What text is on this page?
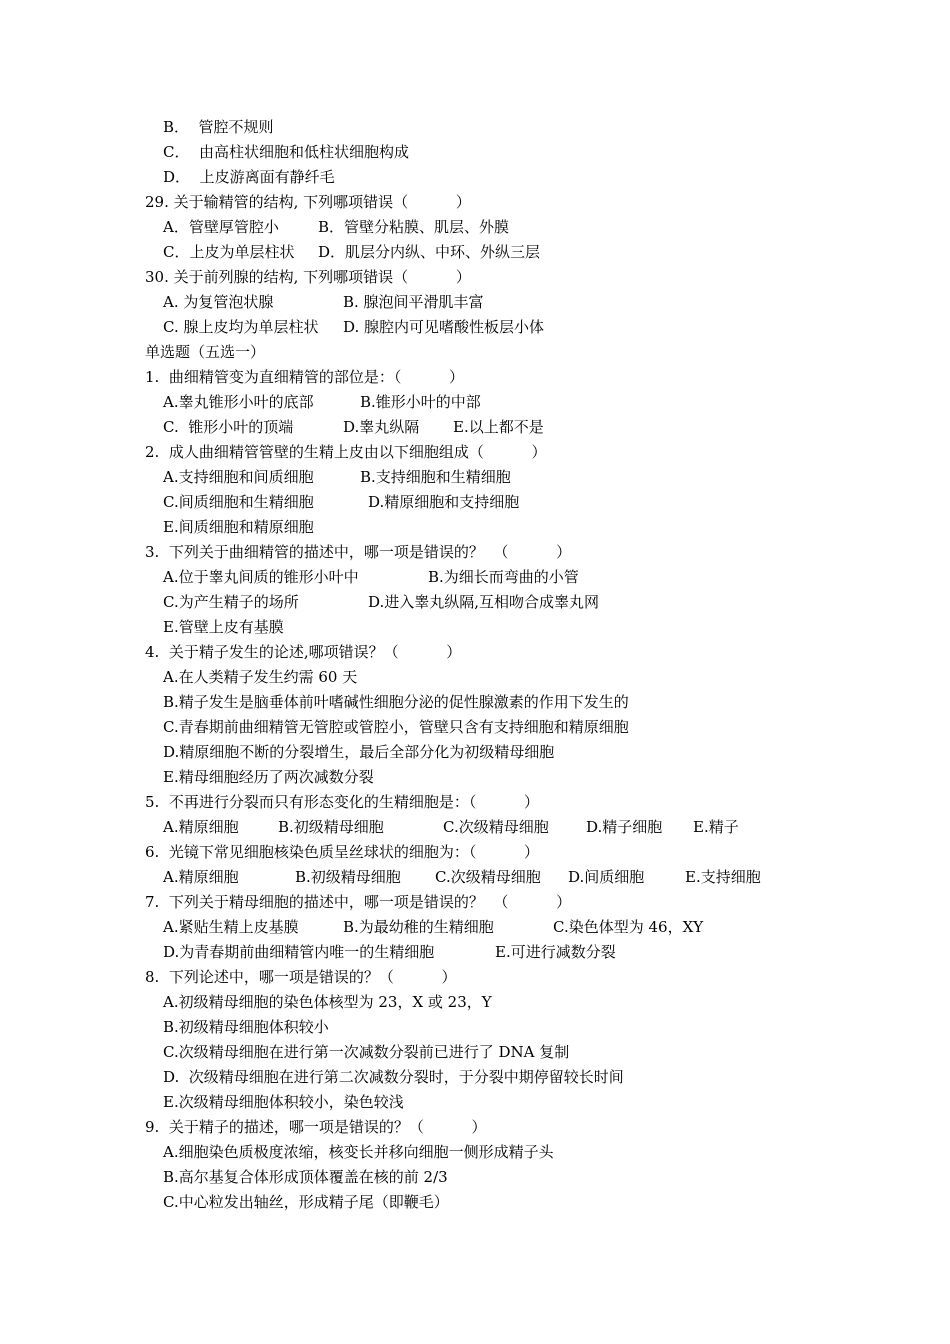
B．  管腔不规则
C．  由高柱状细胞和低柱状细胞构成
D．  上皮游离面有静纤毛
29. 关于输精管的结构, 下列哪项错误（          ）

A．管壁厚管腔小

	B．管壁分粘膜、肌层、外膜

C．上皮为单层柱状

D．肌层分内纵、中环、外纵三层

30. 关于前列腺的结构, 下列哪项错误（          ）

A. 为复管泡状腺

	B. 腺泡间平滑肌丰富

C. 腺上皮均为单层柱状

D. 腺腔内可见嗜酸性板层小体

单选题（五选一）
1.  曲细精管变为直细精管的部位是：（          ）

A.睾丸锥形小叶的底部

	B.锥形小叶的中部

C.  锥形小叶的顶端

	D.睾丸纵隔

E.以上都不是

2.  成人曲细精管管壁的生精上皮由以下细胞组成（          ）

A.支持细胞和间质细胞

	B.支持细胞和生精细胞

C.间质细胞和生精细胞

	D.精原细胞和支持细胞

E.间质细胞和精原细胞
3.  下列关于曲细精管的描述中，哪一项是错误的？  （          ）

A.位于睾丸间质的锥形小叶中

	B.为细长而弯曲的小管

C.为产生精子的场所

	D.进入睾丸纵隔,互相吻合成睾丸网

E.管壁上皮有基膜
4.  关于精子发生的论述,哪项错误？（          ）
A.在人类精子发生约需 60 天
B.精子发生是脑垂体前叶嗜碱性细胞分泌的促性腺激素的作用下发生的
C.青春期前曲细精管无管腔或管腔小，管壁只含有支持细胞和精原细胞
D.精原细胞不断的分裂增生，最后全部分化为初级精母细胞
E.精母细胞经历了两次减数分裂
5.  不再进行分裂而只有形态变化的生精细胞是：（          ）

A.精原细胞

	B.初级精母细胞

	C.次级精母细胞

D.精子细胞

E.精子

6.  光镜下常见细胞核染色质呈丝球状的细胞为：（          ）

A.精原细胞

	B.初级精母细胞

C.次级精母细胞

D.间质细胞

	E.支持细胞

7.  下列关于精母细胞的描述中，哪一项是错误的？  （          ）

A.紧贴生精上皮基膜

	B.为最幼稚的生精细胞

	C.染色体型为 46，XY

D.为青春期前曲细精管内唯一的生精细胞

	E.可进行减数分裂

8.  下列论述中，哪一项是错误的？（          ）
A.初级精母细胞的染色体核型为 23，X 或 23，Y
B.初级精母细胞体积较小
C.次级精母细胞在进行第一次减数分裂前已进行了 DNA 复制
D.  次级精母细胞在进行第二次减数分裂时，于分裂中期停留较长时间
E.次级精母细胞体积较小，染色较浅
9.  关于精子的描述，哪一项是错误的？（          ）
A.细胞染色质极度浓缩，核变长并移向细胞一侧形成精子头
B.高尔基复合体形成顶体覆盖在核的前 2/3
C.中心粒发出轴丝，形成精子尾（即鞭毛）
